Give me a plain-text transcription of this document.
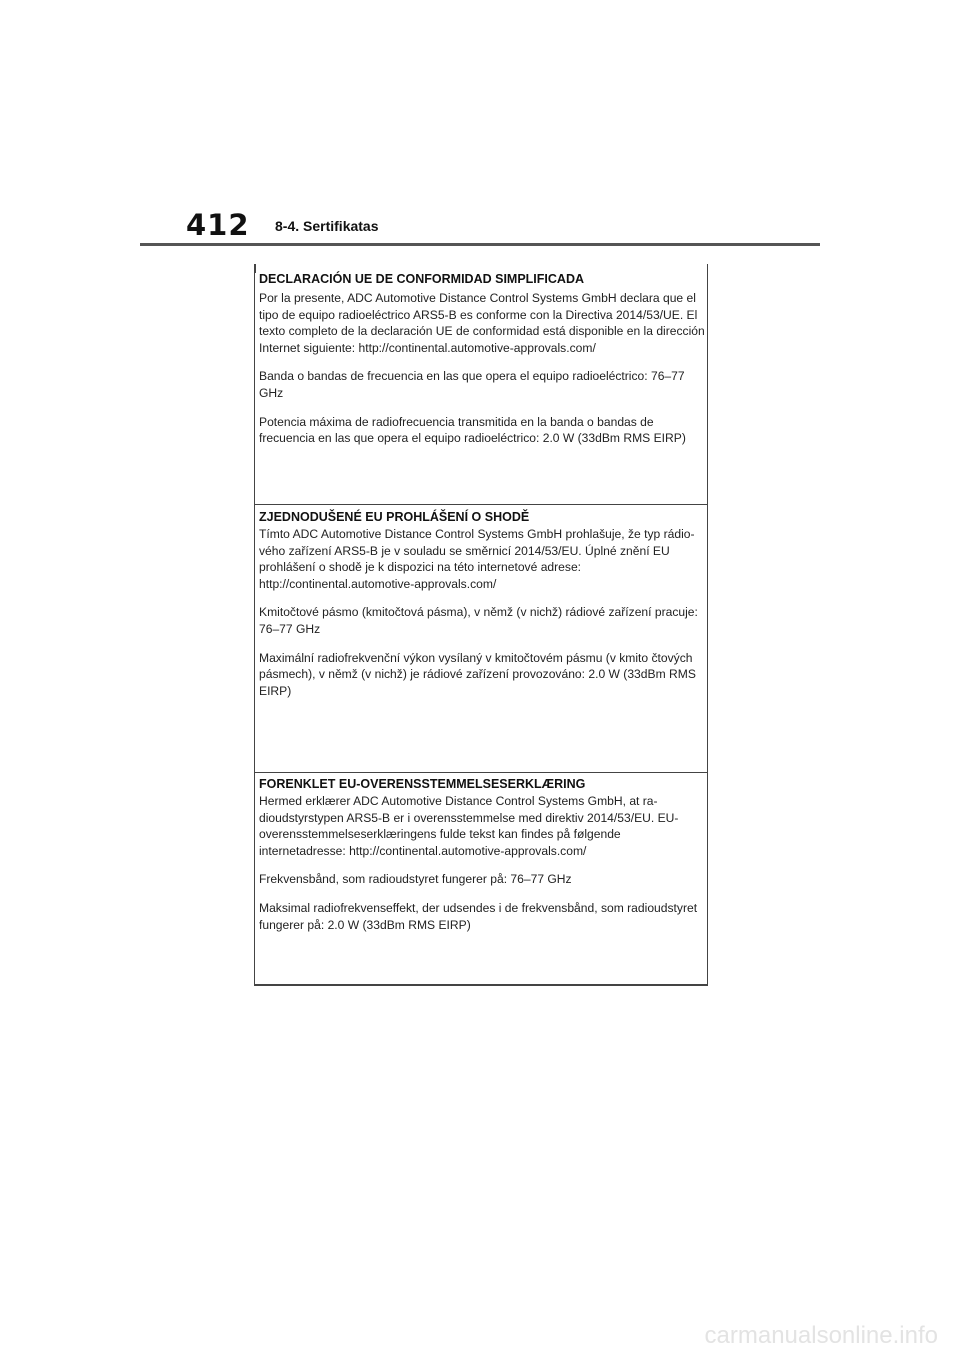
412 8-4. Sertifikatas
DECLARACIÓN UE DE CONFORMIDAD SIMPLIFICADA

Por la presente, ADC Automotive Distance Control Systems GmbH declara que el tipo de equipo radioeléctrico ARS5-B es conforme con la Directiva 2014/53/UE. El texto completo de la declaración UE de conformidad está disponible en la dirección Internet siguiente: http://continental.automotive-approvals.com/

Banda o bandas de frecuencia en las que opera el equipo radioeléctrico: 76–77 GHz

Potencia máxima de radiofrecuencia transmitida en la banda o bandas de frecuencia en las que opera el equipo radioeléctrico: 2.0 W (33dBm RMS EIRP)

ZJEDNODUŠENÉ EU PROHLÁŠENÍ O SHODĚ

Tímto ADC Automotive Distance Control Systems GmbH prohlašuje, že typ rádio-vého zařízení ARS5-B je v souladu se směrnicí 2014/53/EU. Úplné znění EU prohlášení o shodě je k dispozici na této internetové adrese: http://continental.automotive-approvals.com/

Kmitočtové pásmo (kmitočtová pásma), v němž (v nichž) rádiové zařízení pracuje: 76–77 GHz

Maximální radiofrekvenční výkon vysílaný v kmitočtovém pásmu (v kmito čtových pásmech), v němž (v nichž) je rádiové zařízení provozováno: 2.0 W (33dBm RMS EIRP)

FORENKLET EU-OVERENSSTEMMELSESERKLÆRING

Hermed erklærer ADC Automotive Distance Control Systems GmbH, at ra-dioudstyrstypen ARS5-B er i overensstemmelse med direktiv 2014/53/EU. EU-overensstemmelseserklæringens fulde tekst kan findes på følgende internetadresse: http://continental.automotive-approvals.com/

Frekvensbånd, som radioudstyret fungerer på: 76–77 GHz

Maksimal radiofrekvenseffekt, der udsendes i de frekvensbånd, som radioudstyret fungerer på: 2.0 W (33dBm RMS EIRP)

carmanualsonline.info
